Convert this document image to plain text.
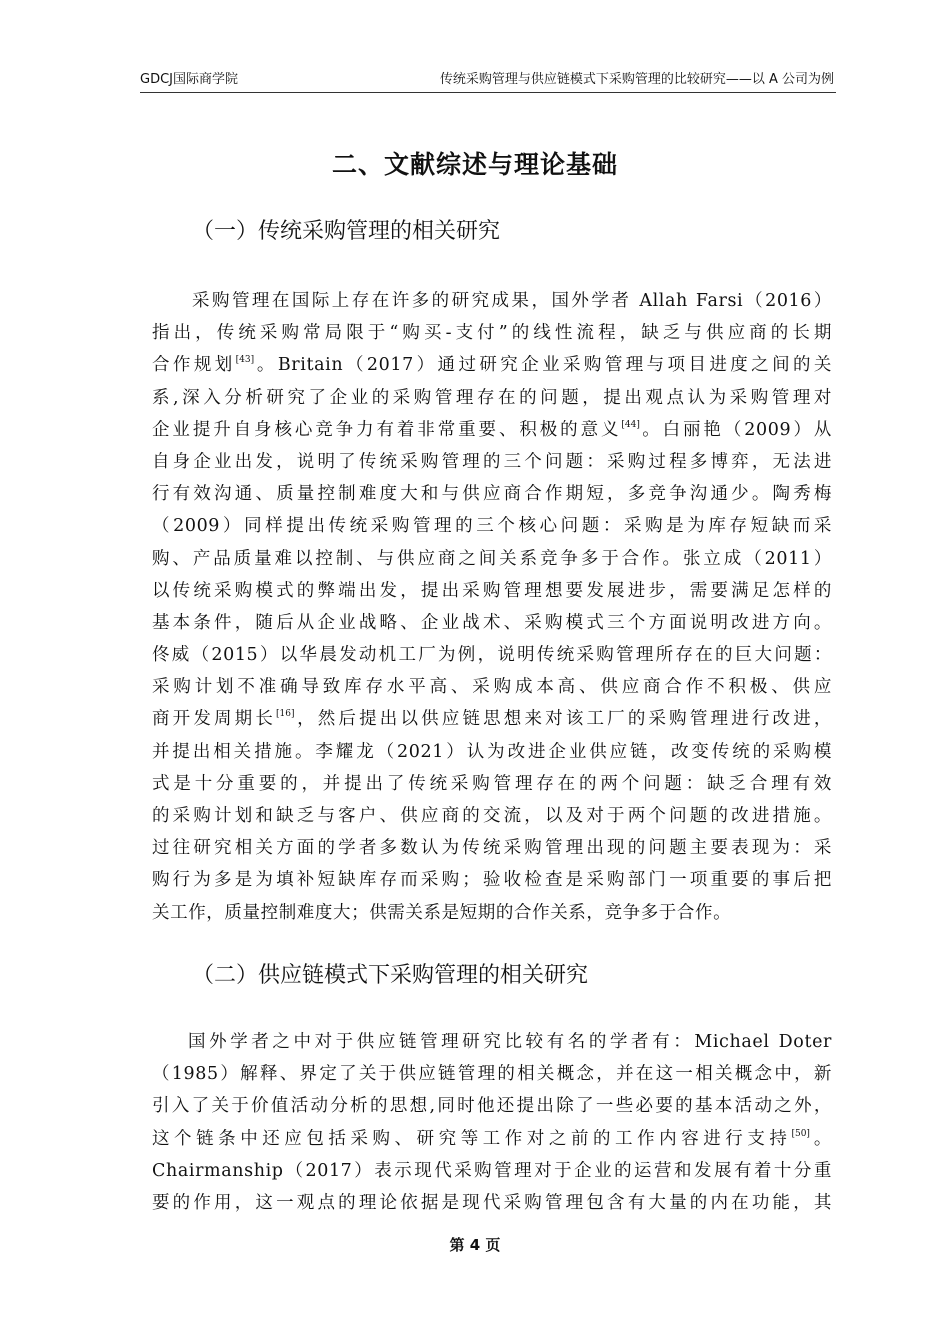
GDCJ国际商学院	传统采购管理与供应链模式下采购管理的比较研究——以 A 公司为例
二、文献综述与理论基础
（一）传统采购管理的相关研究
采购管理在国际上存在许多的研究成果，国外学者 Allah Farsi（2016）
指出，传统采购常局限于“购买-支付”的线性流程，缺乏与供应商的长期
合作规划[43]。Britain（2017）通过研究企业采购管理与项目进度之间的关
系,深入分析研究了企业的采购管理存在的问题，提出观点认为采购管理对
企业提升自身核心竞争力有着非常重要、积极的意义[44]。白丽艳（2009）从
自身企业出发，说明了传统采购管理的三个问题：采购过程多博弈，无法进
行有效沟通、质量控制难度大和与供应商合作期短，多竞争沟通少。陶秀梅
（2009）同样提出传统采购管理的三个核心问题：采购是为库存短缺而采
购、产品质量难以控制、与供应商之间关系竞争多于合作。张立成（2011）
以传统采购模式的弊端出发，提出采购管理想要发展进步，需要满足怎样的
基本条件，随后从企业战略、企业战术、采购模式三个方面说明改进方向。
佟威（2015）以华晨发动机工厂为例，说明传统采购管理所存在的巨大问题：
采购计划不准确导致库存水平高、采购成本高、供应商合作不积极、供应
商开发周期长[16]，然后提出以供应链思想来对该工厂的采购管理进行改进，
并提出相关措施。李耀龙（2021）认为改进企业供应链，改变传统的采购模
式是十分重要的，并提出了传统采购管理存在的两个问题：缺乏合理有效
的采购计划和缺乏与客户、供应商的交流，以及对于两个问题的改进措施。
过往研究相关方面的学者多数认为传统采购管理出现的问题主要表现为：采
购行为多是为填补短缺库存而采购；验收检查是采购部门一项重要的事后把
关工作，质量控制难度大；供需关系是短期的合作关系，竞争多于合作。
（二）供应链模式下采购管理的相关研究
国外学者之中对于供应链管理研究比较有名的学者有：Michael Doter
（1985）解释、界定了关于供应链管理的相关概念，并在这一相关概念中，新
引入了关于价值活动分析的思想,同时他还提出除了一些必要的基本活动之外，
这个链条中还应包括采购、研究等工作对之前的工作内容进行支持[50]。
Chairmanship（2017）表示现代采购管理对于企业的运营和发展有着十分重
要的作用，这一观点的理论依据是现代采购管理包含有大量的内在功能，其
第 4 页
